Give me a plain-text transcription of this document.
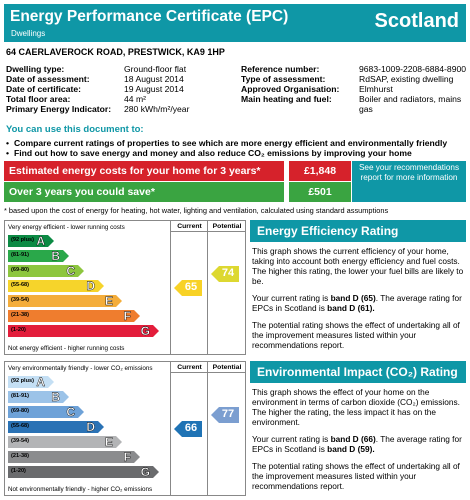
Energy Performance Certificate (EPC)
Dwellings
Scotland
64 CAERLAVEROCK ROAD, PRESTWICK, KA9 1HP
Dwelling type:	Ground-floor flat
Date of assessment:	18 August 2014
Date of certificate:	19 August 2014
Total floor area:	44 m²
Primary Energy Indicator:	280 kWh/m²/year
Reference number:	9683-1009-2208-6884-8900
Type of assessment:	RdSAP, existing dwelling
Approved Organisation:	Elmhurst
Main heating and fuel:	Boiler and radiators, mains gas
You can use this document to:
• Compare current ratings of properties to see which are more energy efficient and environmentally friendly
• Find out how to save energy and money and also reduce CO₂ emissions by improving your home
Estimated energy costs for your home for 3 years*	£1,848
Over 3 years you could save*	£501
See your recommendations report for more information
* based upon the cost of energy for heating, hot water, lighting and ventilation, calculated using standard assumptions
Very energy efficient - lower running costs	Current	Potential
(92 plus) A
(81-91) B
(69-80)	C
(55-68)	D
(39-54)	E
(21-38)	F
(1-20)	G
Not energy efficient - higher running costs
65
74
Very environmentally friendly - lower CO₂ emissions	Current	Potential
(92 plus) A
(81-91) B
(69-80)	C
(55-68)	D
(39-54)	E
(21-38)	F
(1-20)	G
Not environmentally friendly - higher CO₂ emissions
66
77
Energy Efficiency Rating

This graph shows the current efficiency of your home, taking into account both energy efficiency and fuel costs. The higher this rating, the lower your fuel bills are likely to be.

Your current rating is band D (65). The average rating for EPCs in Scotland is band D (61).

The potential rating shows the effect of undertaking all of the improvement measures listed within your recommendations report.

Environmental Impact (CO₂) Rating

This graph shows the effect of your home on the environment in terms of carbon dioxide (CO₂) emissions. The higher the rating, the less impact it has on the environment.

Your current rating is band D (66). The average rating for EPCs in Scotland is band D (59).

The potential rating shows the effect of undertaking all of the improvement measures listed within your recommendations report.
